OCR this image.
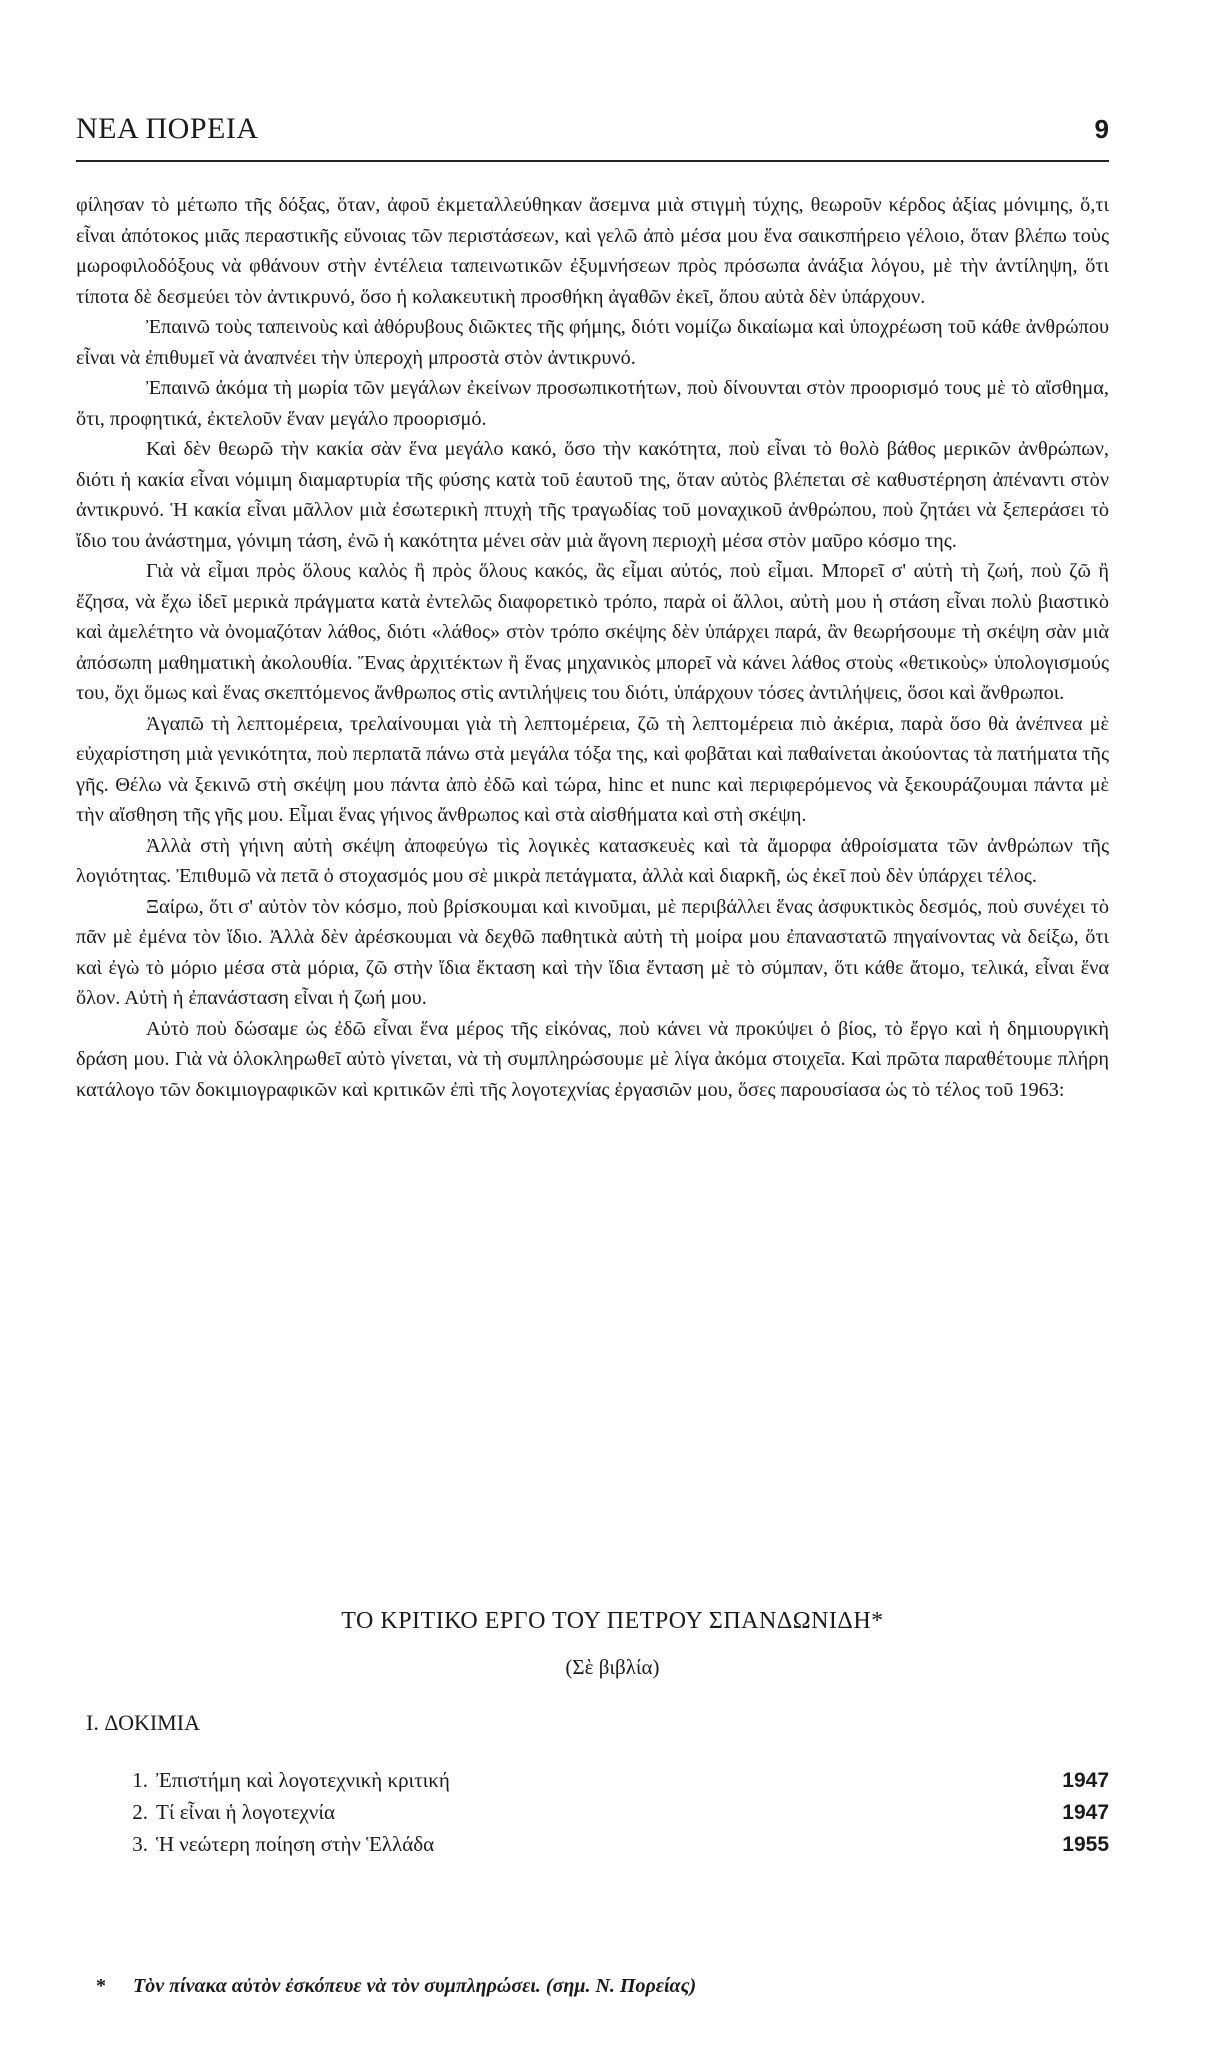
ΝΕΑ ΠΟΡΕΙΑ	9

φίλησαν τὸ μέτωπο τῆς δόξας, ὅταν, ἀφοῦ ἐκμεταλλεύθηκαν ἄσεμνα μιὰ στιγμὴ τύχης, θεωροῦν κέρδος ἀξίας μόνιμης, ὅ,τι εἶναι ἀπότοκος μιᾶς περαστικῆς εὔνοιας τῶν περιστάσεων, καὶ γελῶ ἀπὸ μέσα μου ἕνα σαικσπήρειο γέλοιο, ὅταν βλέπω τοὺς μωροφιλοδόξους νὰ φθάνουν στὴν ἐντέλεια ταπεινωτικῶν ἐξυμνήσεων πρὸς πρόσωπα ἀνάξια λόγου, μὲ τὴν ἀντίληψη, ὅτι τίποτα δὲ δεσμεύει τὸν ἀντικρυνό, ὅσο ἡ κολακευτικὴ προσθήκη ἀγαθῶν ἐκεῖ, ὅπου αὐτὰ δὲν ὑπάρχουν.

Ἐπαινῶ τοὺς ταπεινοὺς καὶ ἀθόρυβους διῶκτες τῆς φήμης, διότι νομίζω δικαίωμα καὶ ὑποχρέωση τοῦ κάθε ἀνθρώπου εἶναι νὰ ἐπιθυμεῖ νὰ ἀναπνέει τὴν ὑπεροχὴ μπροστὰ στὸν ἀντικρυνό.

Ἐπαινῶ ἀκόμα τὴ μωρία τῶν μεγάλων ἐκείνων προσωπικοτήτων, ποὺ δίνουνται στὸν προορισμό τους μὲ τὸ αἴσθημα, ὅτι, προφητικά, ἐκτελοῦν ἕναν μεγάλο προορισμό.

Καὶ δὲν θεωρῶ τὴν κακία σὰν ἕνα μεγάλο κακό, ὅσο τὴν κακότητα, ποὺ εἶναι τὸ θολὸ βάθος μερικῶν ἀνθρώπων, διότι ἡ κακία εἶναι νόμιμη διαμαρτυρία τῆς φύσης κατὰ τοῦ ἑαυτοῦ της, ὅταν αὐτὸς βλέπεται σὲ καθυστέρηση ἀπέναντι στὸν ἀντικρυνό. Ἡ κακία εἶναι μᾶλλον μιὰ ἐσωτερικὴ πτυχὴ τῆς τραγωδίας τοῦ μοναχικοῦ ἀνθρώπου, ποὺ ζητάει νὰ ξεπεράσει τὸ ἴδιο του ἀνάστημα, γόνιμη τάση, ἐνῶ ἡ κακότητα μένει σὰν μιὰ ἄγονη περιοχὴ μέσα στὸν μαῦρο κόσμο της.

Γιὰ νὰ εἶμαι πρὸς ὅλους καλὸς ἢ πρὸς ὅλους κακός, ἂς εἶμαι αὐτός, ποὺ εἶμαι. Μπορεῖ σ' αὐτὴ τὴ ζωή, ποὺ ζῶ ἢ ἔζησα, νὰ ἔχω ἰδεῖ μερικὰ πράγματα κατὰ ἐντελῶς διαφορετικὸ τρόπο, παρὰ οἱ ἄλλοι, αὐτὴ μου ἡ στάση εἶναι πολὺ βιαστικὸ καὶ ἀμελέτητο νὰ ὀνομαζόταν λάθος, διότι «λάθος» στὸν τρόπο σκέψης δὲν ὑπάρχει παρά, ἂν θεωρήσουμε τὴ σκέψη σὰν μιὰ ἀπόσωπη μαθηματικὴ ἀκολουθία. Ἕνας ἀρχιτέκτων ἢ ἕνας μηχανικὸς μπορεῖ νὰ κάνει λάθος στοὺς «θετικοὺς» ὑπολογισμούς του, ὄχι ὅμως καὶ ἕνας σκεπτόμενος ἄνθρωπος στὶς αντιλήψεις του διότι, ὑπάρχουν τόσες ἀντιλήψεις, ὅσοι καὶ ἄνθρωποι.

Ἀγαπῶ τὴ λεπτομέρεια, τρελαίνουμαι γιὰ τὴ λεπτομέρεια, ζῶ τὴ λεπτομέρεια πιὸ ἀκέρια, παρὰ ὅσο θὰ ἀνέπνεα μὲ εὐχαρίστηση μιὰ γενικότητα, ποὺ περπατᾶ πάνω στὰ μεγάλα τόξα της, καὶ φοβᾶται καὶ παθαίνεται ἀκούοντας τὰ πατήματα τῆς γῆς. Θέλω νὰ ξεκινῶ στὴ σκέψη μου πάντα ἀπὸ ἐδῶ καὶ τώρα, hinc et nunc καὶ περιφερόμενος νὰ ξεκουράζουμαι πάντα μὲ τὴν αἴσθηση τῆς γῆς μου. Εἶμαι ἕνας γήινος ἄνθρωπος καὶ στὰ αἰσθήματα καὶ στὴ σκέψη.

Ἀλλὰ στὴ γήινη αὐτὴ σκέψη ἀποφεύγω τὶς λογικὲς κατασκευὲς καὶ τὰ ἄμορφα ἀθροίσματα τῶν ἀνθρώπων τῆς λογιότητας. Ἐπιθυμῶ νὰ πετᾶ ὁ στοχασμός μου σὲ μικρὰ πετάγματα, ἀλλὰ καὶ διαρκῆ, ὡς ἐκεῖ ποὺ δὲν ὑπάρχει τέλος.

Ξαίρω, ὅτι σ' αὐτὸν τὸν κόσμο, ποὺ βρίσκουμαι καὶ κινοῦμαι, μὲ περιβάλλει ἕνας ἀσφυκτικὸς δεσμός, ποὺ συνέχει τὸ πᾶν μὲ ἐμένα τὸν ἴδιο. Ἀλλὰ δὲν ἀρέσκουμαι νὰ δεχθῶ παθητικὰ αὐτὴ τὴ μοίρα μου ἐπαναστατῶ πηγαίνοντας νὰ δείξω, ὅτι καὶ ἐγὼ τὸ μόριο μέσα στὰ μόρια, ζῶ στὴν ἴδια ἔκταση καὶ τὴν ἴδια ἔνταση μὲ τὸ σύμπαν, ὅτι κάθε ἄτομο, τελικά, εἶναι ἕνα ὅλον. Αὐτὴ ἡ ἐπανάσταση εἶναι ἡ ζωή μου.

Αὐτὸ ποὺ δώσαμε ὡς ἐδῶ εἶναι ἕνα μέρος τῆς εἰκόνας, ποὺ κάνει νὰ προκύψει ὁ βίος, τὸ ἔργο καὶ ἡ δημιουργικὴ δράση μου. Γιὰ νὰ ὁλοκληρωθεῖ αὐτὸ γίνεται, νὰ τὴ συμπληρώσουμε μὲ λίγα ἀκόμα στοιχεῖα. Καὶ πρῶτα παραθέτουμε πλήρη κατάλογο τῶν δοκιμιογραφικῶν καὶ κριτικῶν ἐπὶ τῆς λογοτεχνίας ἐργασιῶν μου, ὅσες παρουσίασα ὡς τὸ τέλος τοῦ 1963:

ΤΟ ΚΡΙΤΙΚΟ ΕΡΓΟ ΤΟΥ ΠΕΤΡΟΥ ΣΠΑΝΔΩΝΙΔΗ*
(Σὲ βιβλία)
I. ΔΟΚΙΜΙΑ
1. Ἐπιστήμη καὶ λογοτεχνικὴ κριτική	1947
2. Τί εἶναι ἡ λογοτεχνία	1947
3. Ἡ νεώτερη ποίηση στὴν Ἑλλάδα	1955
* Τὸν πίνακα αὐτὸν ἐσκόπευε νὰ τὸν συμπληρώσει. (σημ. Ν. Πορείας)
